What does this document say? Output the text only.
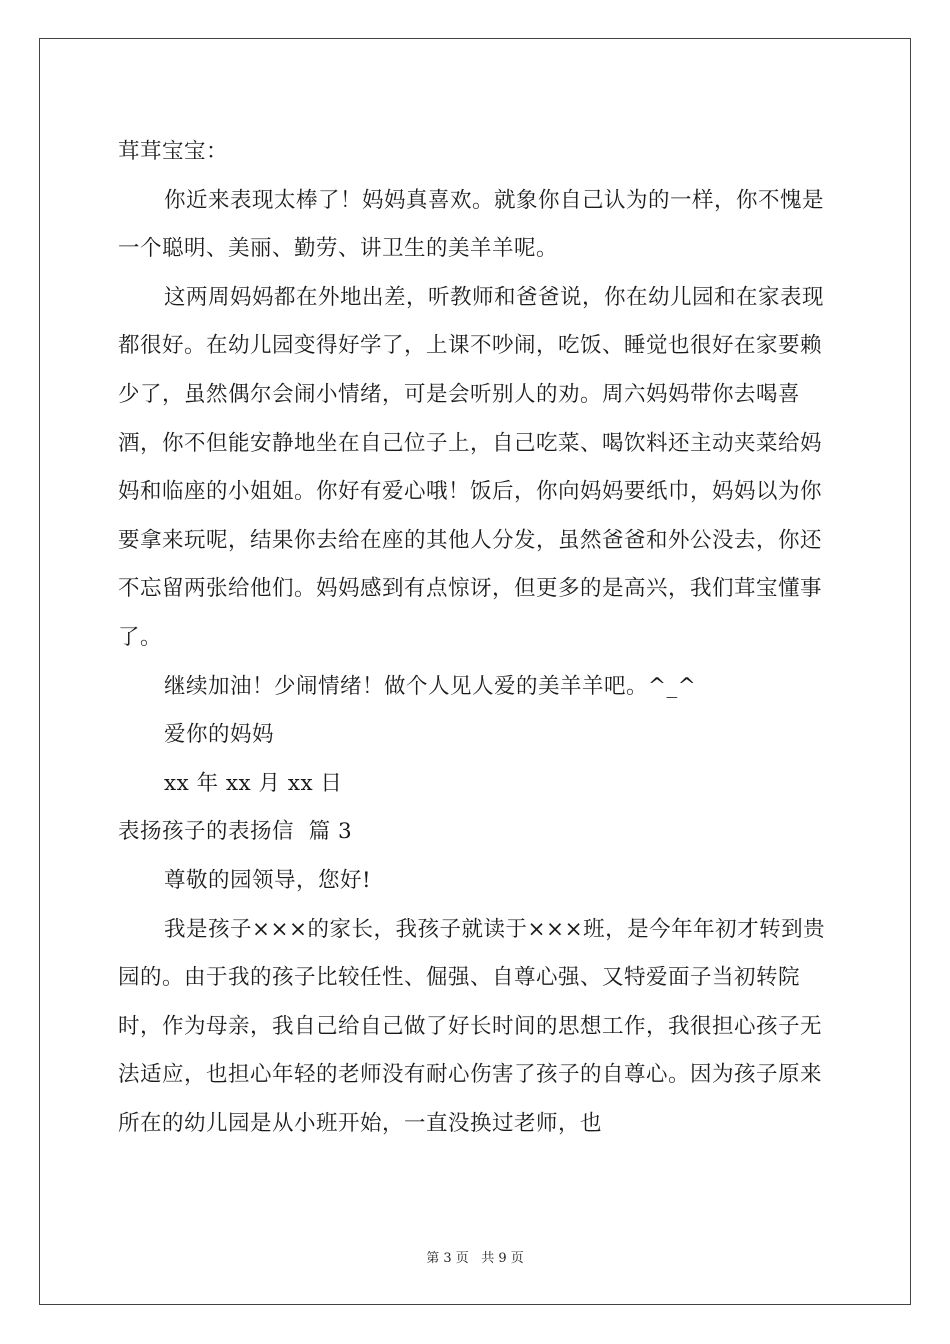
茸茸宝宝：

你近来表现太棒了！妈妈真喜欢。就象你自己认为的一样，你不愧是一个聪明、美丽、勤劳、讲卫生的美羊羊呢。

这两周妈妈都在外地出差，听教师和爸爸说，你在幼儿园和在家表现都很好。在幼儿园变得好学了，上课不吵闹，吃饭、睡觉也很好在家要赖少了，虽然偶尔会闹小情绪，可是会听别人的劝。周六妈妈带你去喝喜酒，你不但能安静地坐在自己位子上，自己吃菜、喝饮料还主动夹菜给妈妈和临座的小姐姐。你好有爱心哦！饭后，你向妈妈要纸巾，妈妈以为你要拿来玩呢，结果你去给在座的其他人分发，虽然爸爸和外公没去，你还不忘留两张给他们。妈妈感到有点惊讶，但更多的是高兴，我们茸宝懂事了。

继续加油！少闹情绪！做个人见人爱的美羊羊吧。^_^

爱你的妈妈

xx 年 xx 月 xx 日

表扬孩子的表扬信  篇 3

尊敬的园领导，您好!

我是孩子×××的家长，我孩子就读于×××班，是今年年初才转到贵园的。由于我的孩子比较任性、倔强、自尊心强、又特爱面子当初转院时，作为母亲，我自己给自己做了好长时间的思想工作，我很担心孩子无法适应，也担心年轻的老师没有耐心伤害了孩子的自尊心。因为孩子原来所在的幼儿园是从小班开始，一直没换过老师，也

第 3 页   共 9 页
